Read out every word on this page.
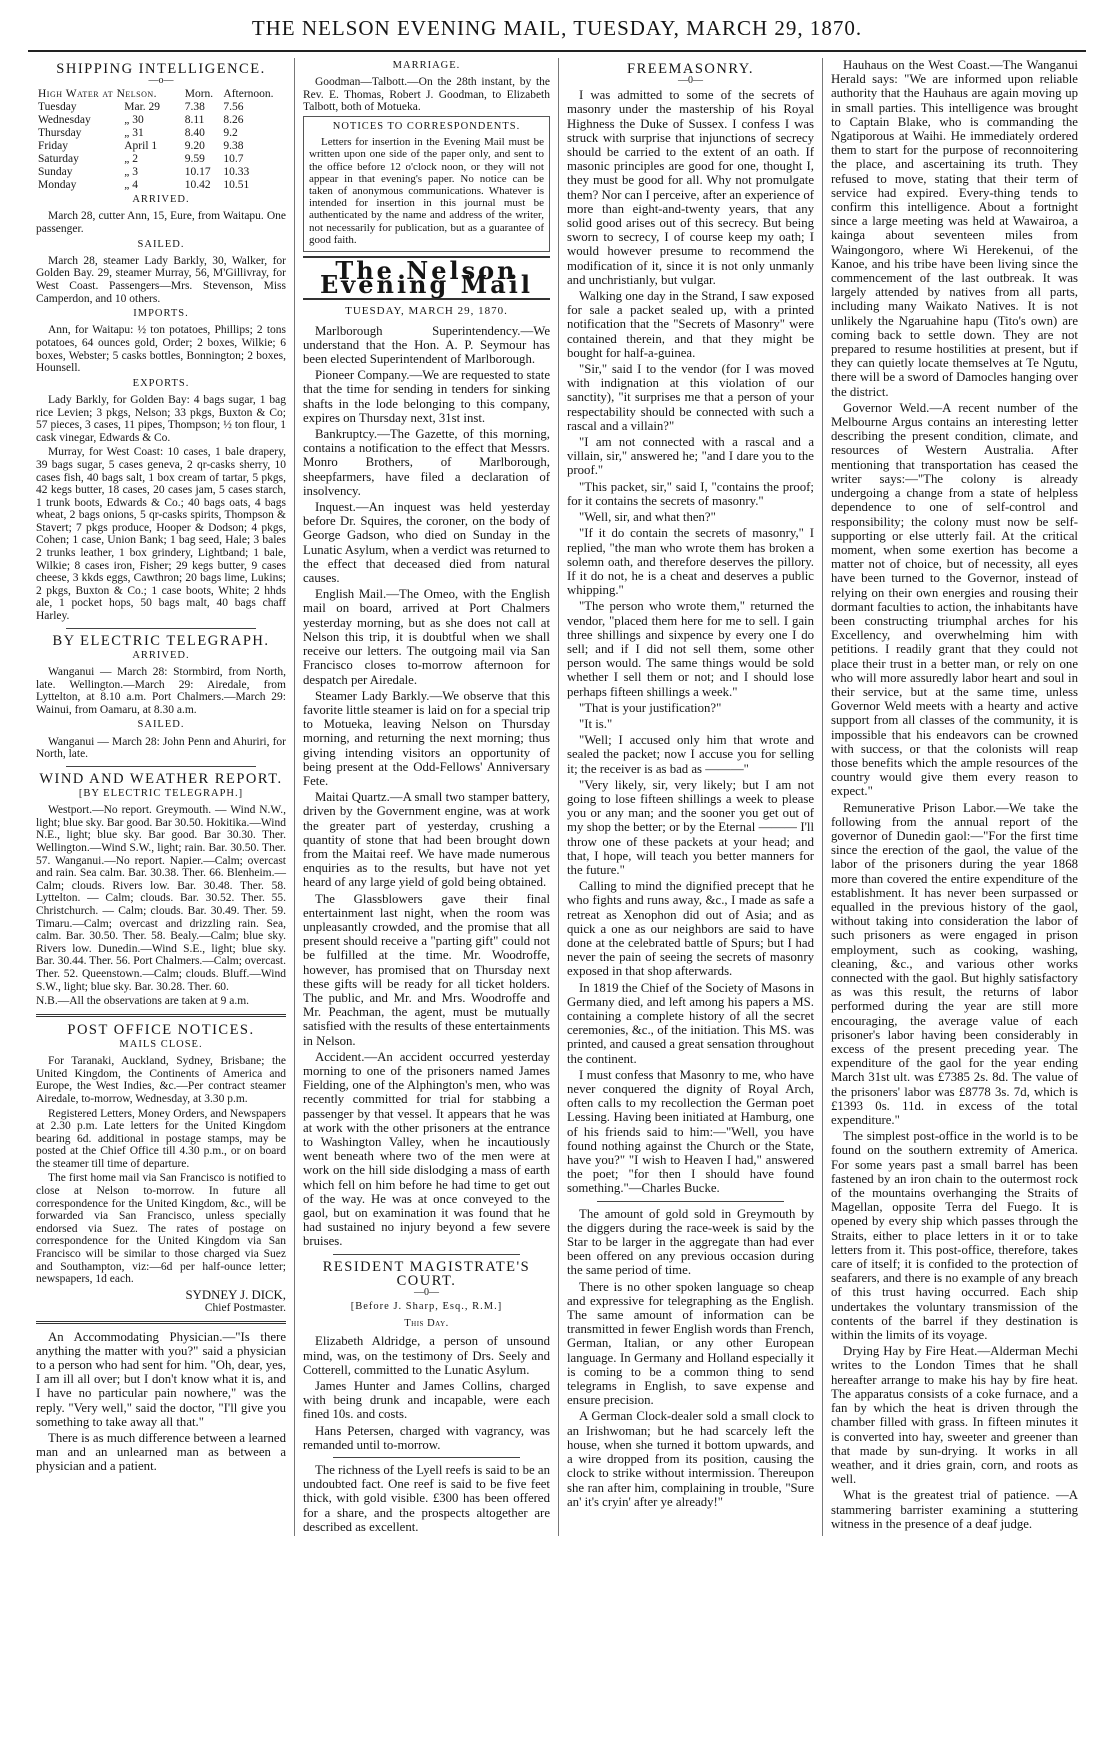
THE NELSON EVENING MAIL, TUESDAY, MARCH 29, 1870.
SHIPPING INTELLIGENCE.
—o—
High Water at Nelson.		Morn.	Afternoon.
Tuesday	Mar. 29	7.38	7.56
Wednesday	„ 30	8.11	8.26
Thursday	„ 31	8.40	9.2
Friday	April 1	9.20	9.38
Saturday	„ 2	9.59	10.7
Sunday	„ 3	10.17	10.33
Monday	„ 4	10.42	10.51
ARRIVED.

March 28, cutter Ann, 15, Eure, from Waitapu. One passenger.

SAILED.

March 28, steamer Lady Barkly, 30, Walker, for Golden Bay. 29, steamer Murray, 56, M'Gillivray, for West Coast. Passengers—Mrs. Stevenson, Miss Camperdon, and 10 others.

IMPORTS.

Ann, for Waitapu: ½ ton potatoes, Phillips; 2 tons potatoes, 64 ounces gold, Order; 2 boxes, Wilkie; 6 boxes, Webster; 5 casks bottles, Bonnington; 2 boxes, Hounsell.

EXPORTS.

Lady Barkly, for Golden Bay: 4 bags sugar, 1 bag rice Levien; 3 pkgs, Nelson; 33 pkgs, Buxton & Co; 57 pieces, 3 cases, 11 pipes, Thompson; ½ ton flour, 1 cask vinegar, Edwards & Co.

Murray, for West Coast: 10 cases, 1 bale drapery, 39 bags sugar, 5 cases geneva, 2 qr-casks sherry, 10 cases fish, 40 bags salt, 1 box cream of tartar, 5 pkgs, 42 kegs butter, 18 cases, 20 cases jam, 5 cases starch, 1 trunk boots, Edwards & Co.; 40 bags oats, 4 bags wheat, 2 bags onions, 5 qr-casks spirits, Thompson & Stavert; 7 pkgs produce, Hooper & Dodson; 4 pkgs, Cohen; 1 case, Union Bank; 1 bag seed, Hale; 3 bales 2 trunks leather, 1 box grindery, Lightband; 1 bale, Wilkie; 8 cases iron, Fisher; 29 kegs butter, 9 cases cheese, 3 kkds eggs, Cawthron; 20 bags lime, Lukins; 2 pkgs, Buxton & Co.; 1 case boots, White; 2 hhds ale, 1 pocket hops, 50 bags malt, 40 bags chaff Harley.

BY ELECTRIC TELEGRAPH.
ARRIVED.

Wanganui — March 28: Stormbird, from North, late. Wellington.—March 29: Airedale, from Lyttelton, at 8.10 a.m. Port Chalmers.—March 29: Wainui, from Oamaru, at 8.30 a.m.

SAILED.

Wanganui — March 28: John Penn and Ahuriri, for North, late.

WIND AND WEATHER REPORT.
[BY ELECTRIC TELEGRAPH.]

Westport.—No report. Greymouth. — Wind N.W., light; blue sky. Bar good. Bar 30.50. Hokitika.—Wind N.E., light; blue sky. Bar good. Bar 30.30. Ther. Wellington.—Wind S.W., light; rain. Bar. 30.50. Ther. 57. Wanganui.—No report. Napier.—Calm; overcast and rain. Sea calm. Bar. 30.38. Ther. 66. Blenheim.—Calm; clouds. Rivers low. Bar. 30.48. Ther. 58. Lyttelton. — Calm; clouds. Bar. 30.52. Ther. 55. Christchurch. — Calm; clouds. Bar. 30.49. Ther. 59. Timaru.—Calm; overcast and drizzling rain. Sea, calm. Bar. 30.50. Ther. 58. Bealy.—Calm; blue sky. Rivers low. Dunedin.—Wind S.E., light; blue sky. Bar. 30.44. Ther. 56. Port Chalmers.—Calm; overcast. Ther. 52. Queenstown.—Calm; clouds. Bluff.—Wind S.W., light; blue sky. Bar. 30.28. Ther. 60.

N.B.—All the observations are taken at 9 a.m.

POST OFFICE NOTICES.
MAILS CLOSE.

For Taranaki, Auckland, Sydney, Brisbane; the United Kingdom, the Continents of America and Europe, the West Indies, &c.—Per contract steamer Airedale, to-morrow, Wednesday, at 3.30 p.m.

Registered Letters, Money Orders, and Newspapers at 2.30 p.m. Late letters for the United Kingdom bearing 6d. additional in postage stamps, may be posted at the Chief Office till 4.30 p.m., or on board the steamer till time of departure.

The first home mail via San Francisco is notified to close at Nelson to-morrow. In future all correspondence for the United Kingdom, &c., will be forwarded via San Francisco, unless specially endorsed via Suez. The rates of postage on correspondence for the United Kingdom via San Francisco will be similar to those charged via Suez and Southampton, viz:—6d per half-ounce letter; newspapers, 1d each.

SYDNEY J. DICK,
Chief Postmaster.

An Accommodating Physician.—"Is there anything the matter with you?" said a physician to a person who had sent for him. "Oh, dear, yes, I am ill all over; but I don't know what it is, and I have no particular pain nowhere," was the reply. "Very well," said the doctor, "I'll give you something to take away all that."

There is as much difference between a learned man and an unlearned man as between a physician and a patient.

MARRIAGE.

Goodman—Talbott.—On the 28th instant, by the Rev. E. Thomas, Robert J. Goodman, to Elizabeth Talbott, both of Motueka.

NOTICES TO CORRESPONDENTS.

Letters for insertion in the Evening Mail must be written upon one side of the paper only, and sent to the office before 12 o'clock noon, or they will not appear in that evening's paper. No notice can be taken of anonymous communications. Whatever is intended for insertion in this journal must be authenticated by the name and address of the writer, not necessarily for publication, but as a guarantee of good faith.

The Nelson Evening Mail
TUESDAY, MARCH 29, 1870.

Marlborough Superintendency.—We understand that the Hon. A. P. Seymour has been elected Superintendent of Marlborough.

Pioneer Company.—We are requested to state that the time for sending in tenders for sinking shafts in the lode belonging to this company, expires on Thursday next, 31st inst.

Bankruptcy.—The Gazette, of this morning, contains a notification to the effect that Messrs. Monro Brothers, of Marlborough, sheepfarmers, have filed a declaration of insolvency.

Inquest.—An inquest was held yesterday before Dr. Squires, the coroner, on the body of George Gadson, who died on Sunday in the Lunatic Asylum, when a verdict was returned to the effect that deceased died from natural causes.

English Mail.—The Omeo, with the English mail on board, arrived at Port Chalmers yesterday morning, but as she does not call at Nelson this trip, it is doubtful when we shall receive our letters. The outgoing mail via San Francisco closes to-morrow afternoon for despatch per Airedale.

Steamer Lady Barkly.—We observe that this favorite little steamer is laid on for a special trip to Motueka, leaving Nelson on Thursday morning, and returning the next morning; thus giving intending visitors an opportunity of being present at the Odd-Fellows' Anniversary Fete.

Maitai Quartz.—A small two stamper battery, driven by the Government engine, was at work the greater part of yesterday, crushing a quantity of stone that had been brought down from the Maitai reef. We have made numerous enquiries as to the results, but have not yet heard of any large yield of gold being obtained.

The Glassblowers gave their final entertainment last night, when the room was unpleasantly crowded, and the promise that all present should receive a "parting gift" could not be fulfilled at the time. Mr. Woodroffe, however, has promised that on Thursday next these gifts will be ready for all ticket holders. The public, and Mr. and Mrs. Woodroffe and Mr. Peachman, the agent, must be mutually satisfied with the results of these entertainments in Nelson.

Accident.—An accident occurred yesterday morning to one of the prisoners named James Fielding, one of the Alphington's men, who was recently committed for trial for stabbing a passenger by that vessel. It appears that he was at work with the other prisoners at the entrance to Washington Valley, when he incautiously went beneath where two of the men were at work on the hill side dislodging a mass of earth which fell on him before he had time to get out of the way. He was at once conveyed to the gaol, but on examination it was found that he had sustained no injury beyond a few severe bruises.

RESIDENT MAGISTRATE'S COURT.
—0—
[Before J. Sharp, Esq., R.M.]
This Day.

Elizabeth Aldridge, a person of unsound mind, was, on the testimony of Drs. Seely and Cotterell, committed to the Lunatic Asylum.

James Hunter and James Collins, charged with being drunk and incapable, were each fined 10s. and costs.

Hans Petersen, charged with vagrancy, was remanded until to-morrow.

The richness of the Lyell reefs is said to be an undoubted fact. One reef is said to be five feet thick, with gold visible. £300 has been offered for a share, and the prospects altogether are described as excellent.

FREEMASONRY.
—0—

I was admitted to some of the secrets of masonry under the mastership of his Royal Highness the Duke of Sussex. I confess I was struck with surprise that injunctions of secrecy should be carried to the extent of an oath. If masonic principles are good for one, thought I, they must be good for all. Why not promulgate them? Nor can I perceive, after an experience of more than eight-and-twenty years, that any solid good arises out of this secrecy. But being sworn to secrecy, I of course keep my oath; I would however presume to recommend the modification of it, since it is not only unmanly and unchristianly, but vulgar.

Walking one day in the Strand, I saw exposed for sale a packet sealed up, with a printed notification that the "Secrets of Masonry" were contained therein, and that they might be bought for half-a-guinea.

"Sir," said I to the vendor (for I was moved with indignation at this violation of our sanctity), "it surprises me that a person of your respectability should be connected with such a rascal and a villain?"

"I am not connected with a rascal and a villain, sir," answered he; "and I dare you to the proof."

"This packet, sir," said I, "contains the proof; for it contains the secrets of masonry."

"Well, sir, and what then?"

"If it do contain the secrets of masonry," I replied, "the man who wrote them has broken a solemn oath, and therefore deserves the pillory. If it do not, he is a cheat and deserves a public whipping."

"The person who wrote them," returned the vendor, "placed them here for me to sell. I gain three shillings and sixpence by every one I do sell; and if I did not sell them, some other person would. The same things would be sold whether I sell them or not; and I should lose perhaps fifteen shillings a week."

"That is your justification?"

"It is."

"Well; I accused only him that wrote and sealed the packet; now I accuse you for selling it; the receiver is as bad as ———"

"Very likely, sir, very likely; but I am not going to lose fifteen shillings a week to please you or any man; and the sooner you get out of my shop the better; or by the Eternal ——— I'll throw one of these packets at your head; and that, I hope, will teach you better manners for the future."

Calling to mind the dignified precept that he who fights and runs away, &c., I made as safe a retreat as Xenophon did out of Asia; and as quick a one as our neighbors are said to have done at the celebrated battle of Spurs; but I had never the pain of seeing the secrets of masonry exposed in that shop afterwards.

In 1819 the Chief of the Society of Masons in Germany died, and left among his papers a MS. containing a complete history of all the secret ceremonies, &c., of the initiation. This MS. was printed, and caused a great sensation throughout the continent.

I must confess that Masonry to me, who have never conquered the dignity of Royal Arch, often calls to my recollection the German poet Lessing. Having been initiated at Hamburg, one of his friends said to him:—"Well, you have found nothing against the Church or the State, have you?" "I wish to Heaven I had," answered the poet; "for then I should have found something."—Charles Bucke.

The amount of gold sold in Greymouth by the diggers during the race-week is said by the Star to be larger in the aggregate than had ever been offered on any previous occasion during the same period of time.

There is no other spoken language so cheap and expressive for telegraphing as the English. The same amount of information can be transmitted in fewer English words than French, German, Italian, or any other European language. In Germany and Holland especially it is coming to be a common thing to send telegrams in English, to save expense and ensure precision.

A German Clock-dealer sold a small clock to an Irishwoman; but he had scarcely left the house, when she turned it bottom upwards, and a wire dropped from its position, causing the clock to strike without intermission. Thereupon she ran after him, complaining in trouble, "Sure an' it's cryin' after ye already!"

Hauhaus on the West Coast.—The Wanganui Herald says: "We are informed upon reliable authority that the Hauhaus are again moving up in small parties. This intelligence was brought to Captain Blake, who is commanding the Ngatiporous at Waihi. He immediately ordered them to start for the purpose of reconnoitering the place, and ascertaining its truth. They refused to move, stating that their term of service had expired. Every-thing tends to confirm this intelligence. About a fortnight since a large meeting was held at Wawairoa, a kainga about seventeen miles from Waingongoro, where Wi Herekenui, of the Kanoe, and his tribe have been living since the commencement of the last outbreak. It was largely attended by natives from all parts, including many Waikato Natives. It is not unlikely the Ngaruahine hapu (Tito's own) are coming back to settle down. They are not prepared to resume hostilities at present, but if they can quietly locate themselves at Te Ngutu, there will be a sword of Damocles hanging over the district.

Governor Weld.—A recent number of the Melbourne Argus contains an interesting letter describing the present condition, climate, and resources of Western Australia. After mentioning that transportation has ceased the writer says:—"The colony is already undergoing a change from a state of helpless dependence to one of self-control and responsibility; the colony must now be self-supporting or else utterly fail. At the critical moment, when some exertion has become a matter not of choice, but of necessity, all eyes have been turned to the Governor, instead of relying on their own energies and rousing their dormant faculties to action, the inhabitants have been constructing triumphal arches for his Excellency, and overwhelming him with petitions. I readily grant that they could not place their trust in a better man, or rely on one who will more assuredly labor heart and soul in their service, but at the same time, unless Governor Weld meets with a hearty and active support from all classes of the community, it is impossible that his endeavors can be crowned with success, or that the colonists will reap those benefits which the ample resources of the country would give them every reason to expect."

Remunerative Prison Labor.—We take the following from the annual report of the governor of Dunedin gaol:—"For the first time since the erection of the gaol, the value of the labor of the prisoners during the year 1868 more than covered the entire expenditure of the establishment. It has never been surpassed or equalled in the previous history of the gaol, without taking into consideration the labor of such prisoners as were engaged in prison employment, such as cooking, washing, cleaning, &c., and various other works connected with the gaol. But highly satisfactory as was this result, the returns of labor performed during the year are still more encouraging, the average value of each prisoner's labor having been considerably in excess of the present preceding year. The expenditure of the gaol for the year ending March 31st ult. was £7385 2s. 8d. The value of the prisoners' labor was £8778 3s. 7d, which is £1393 0s. 11d. in excess of the total expenditure."

The simplest post-office in the world is to be found on the southern extremity of America. For some years past a small barrel has been fastened by an iron chain to the outermost rock of the mountains overhanging the Straits of Magellan, opposite Terra del Fuego. It is opened by every ship which passes through the Straits, either to place letters in it or to take letters from it. This post-office, therefore, takes care of itself; it is confided to the protection of seafarers, and there is no example of any breach of this trust having occurred. Each ship undertakes the voluntary transmission of the contents of the barrel if they destination is within the limits of its voyage.

Drying Hay by Fire Heat.—Alderman Mechi writes to the London Times that he shall hereafter arrange to make his hay by fire heat. The apparatus consists of a coke furnace, and a fan by which the heat is driven through the chamber filled with grass. In fifteen minutes it is converted into hay, sweeter and greener than that made by sun-drying. It works in all weather, and it dries grain, corn, and roots as well.

What is the greatest trial of patience. —A stammering barrister examining a stuttering witness in the presence of a deaf judge.
